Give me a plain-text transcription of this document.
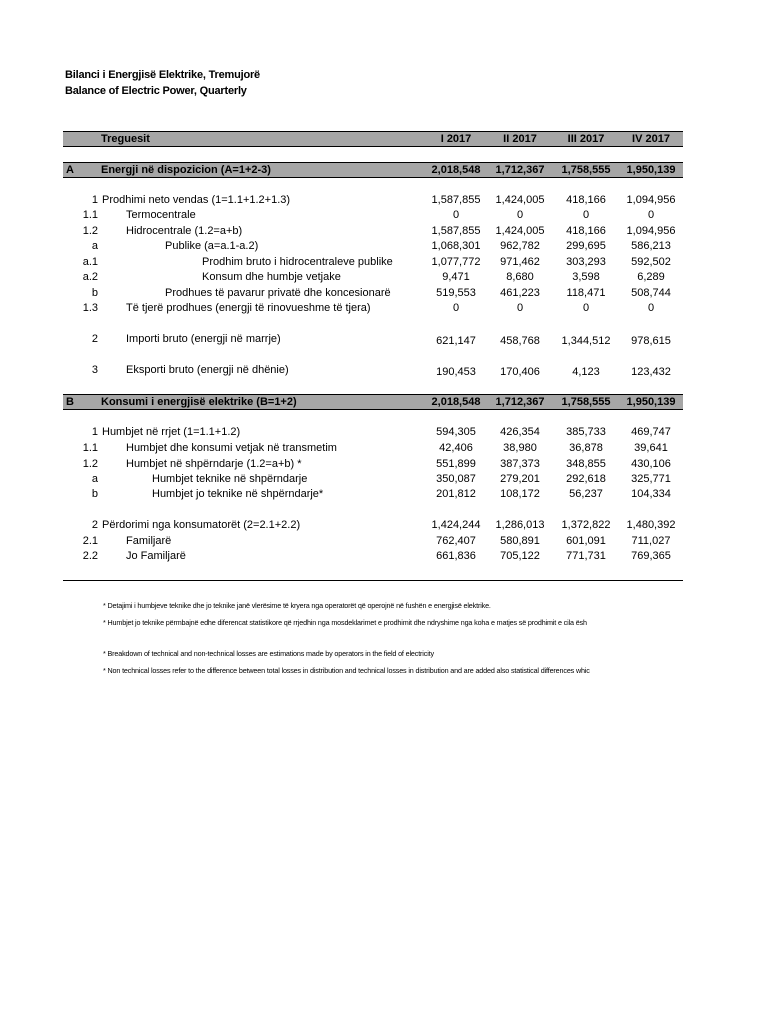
Bilanci i Energjisë Elektrike, Tremujorë
Balance of Electric Power, Quarterly
Treguesit	I 2017	II 2017	III 2017	IV 2017
A Energji në dispozicion (A=1+2-3)	2,018,548	1,712,367	1,758,555	1,950,139
1 Prodhimi neto vendas (1=1.1+1.2+1.3)	1,587,855	1,424,005	418,166	1,094,956
1.1	Termocentrale	0	0	0	0
1.2	Hidrocentrale (1.2=a+b)	1,587,855	1,424,005	418,166	1,094,956
a	Publike (a=a.1-a.2)	1,068,301	962,782	299,695	586,213
a.1	Prodhim bruto i hidrocentraleve publike	1,077,772	971,462	303,293	592,502
a.2	Konsum dhe humbje vetjake	9,471	8,680	3,598	6,289
b	Prodhues të pavarur privatë dhe koncesionarë	519,553	461,223	118,471	508,744
1.3	Të tjerë prodhues (energji të rinovueshme të tjera)	0	0	0	0
2	Importi bruto (energji në marrje)	621,147	458,768	1,344,512	978,615
3	Eksporti bruto (energji në dhënie)	190,453	170,406	4,123	123,432
B Konsumi i energjisë elektrike (B=1+2)	2,018,548	1,712,367	1,758,555	1,950,139
1 Humbjet në rrjet (1=1.1+1.2)	594,305	426,354	385,733	469,747
1.1	Humbjet dhe konsumi vetjak në transmetim	42,406	38,980	36,878	39,641
1.2	Humbjet në shpërndarje (1.2=a+b) *	551,899	387,373	348,855	430,106
a	Humbjet teknike në shpërndarje	350,087	279,201	292,618	325,771
b	Humbjet jo teknike në shpërndarje*	201,812	108,172	56,237	104,334
2 Përdorimi nga konsumatorët (2=2.1+2.2)	1,424,244	1,286,013	1,372,822	1,480,392
2.1	Familjarë	762,407	580,891	601,091	711,027
2.2	Jo Familjarë	661,836	705,122	771,731	769,365
* Detajimi i humbjeve teknike dhe jo teknike janë vlerësime të kryera nga operatorët që operojnë në fushën e energjisë elektrike.
* Humbjet jo teknike përmbajnë edhe diferencat statistikore që rrjedhin nga mosdeklarimet e prodhimit dhe ndryshime nga koha e matjes së prodhimit e cila ësh
* Breakdown of technical and non-technical losses are estimations made by operators in the field of electricity
* Non technical losses refer to the difference between total losses in distribution and technical losses in distribution and are added also statistical differences whic
